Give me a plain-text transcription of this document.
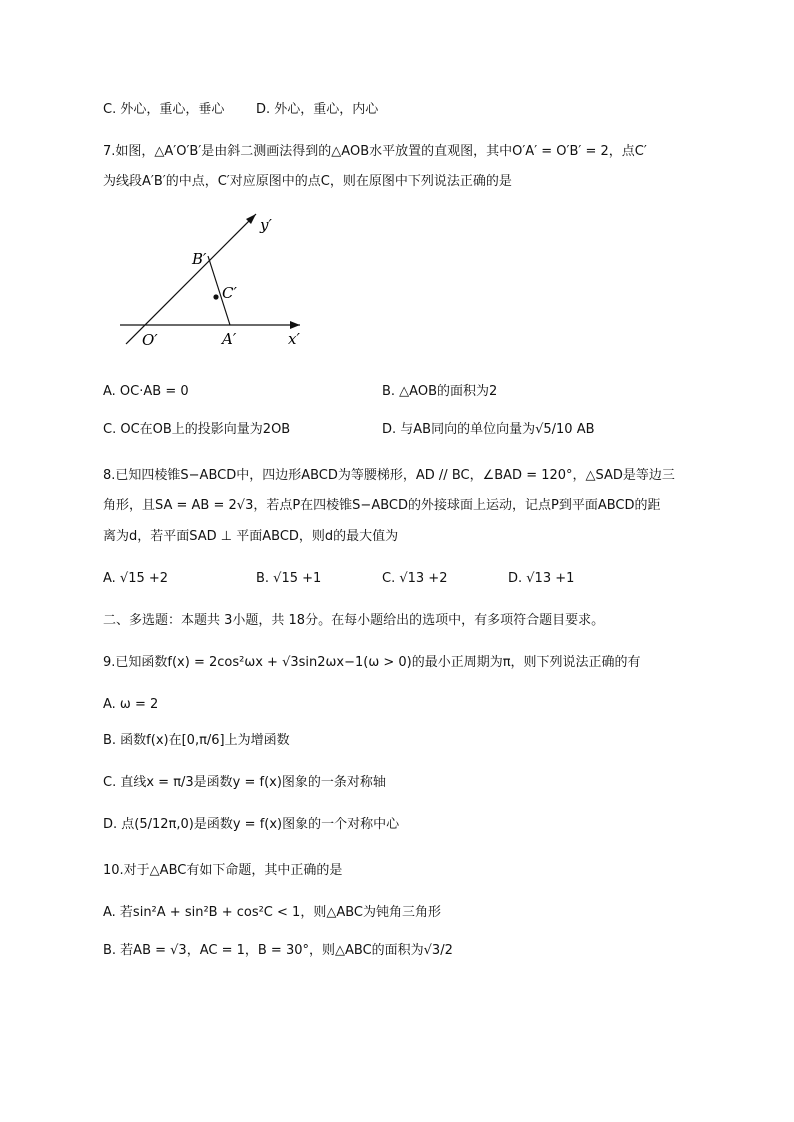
C. 外心，重心，垂心 D. 外心，重心，内心
7.如图，△A′O′B′是由斜二测画法得到的△AOB水平放置的直观图，其中O′A′ = O′B′ = 2，点C′
为线段A′B′的中点，C′对应原图中的点C，则在原图中下列说法正确的是
y′
x′
B′
C′
A′
O′
A. OC·AB = 0	B. △AOB的面积为2
C. OC在OB上的投影向量为2OB	D. 与AB同向的单位向量为√5/10 AB
8.已知四棱锥S−ABCD中，四边形ABCD为等腰梯形，AD // BC，∠BAD = 120°，△SAD是等边三
角形，且SA = AB = 2√3，若点P在四棱锥S−ABCD的外接球面上运动，记点P到平面ABCD的距
离为d，若平面SAD ⊥ 平面ABCD，则d的最大值为
A. √15 +2	B. √15 +1	C. √13 +2	D. √13 +1
二、多选题：本题共 3小题，共 18分。在每小题给出的选项中，有多项符合题目要求。
9.已知函数f(x) = 2cos²ωx + √3sin2ωx−1(ω > 0)的最小正周期为π，则下列说法正确的有
A. ω = 2
B. 函数f(x)在[0,π/6]上为增函数
C. 直线x = π/3是函数y = f(x)图象的一条对称轴
D. 点(5/12π,0)是函数y = f(x)图象的一个对称中心
10.对于△ABC有如下命题，其中正确的是
A. 若sin²A + sin²B + cos²C < 1，则△ABC为钝角三角形
B. 若AB = √3，AC = 1，B = 30°，则△ABC的面积为√3/2
